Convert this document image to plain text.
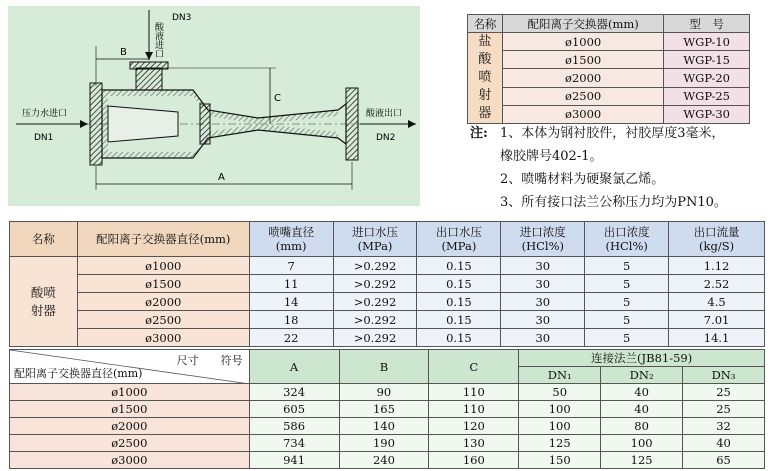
酸液进口
DN3
B
C
A
压力水进口
DN1
酸液出口
DN2
名称	配阳离子交换器(mm)	型　号

盐酸喷射器	ø1000	WGP-10
	ø1500	WGP-15
	ø2000	WGP-20
	ø2500	WGP-25
	ø3000	WGP-30
注: 1、本体为钢衬胶件，衬胶厚度3毫米，
橡胶牌号402-1。
2、喷嘴材料为硬聚氯乙烯。
3、所有接口法兰公称压力均为PN10。
名称	配阳离子交换器直径(mm)	喷嘴直径(mm)	进口水压(MPa)	出口水压(MPa)	进口浓度(HCl%)	出口浓度(HCl%)	出口流量(kg/S)

酸喷射器	ø1000	7	>0.292	0.15	30	5	1.12
	ø1500	11	>0.292	0.15	30	5	2.52
	ø2000	14	>0.292	0.15	30	5	4.5
	ø2500	18	>0.292	0.15	30	5	7.01
	ø3000	22	>0.292	0.15	30	5	14.1
尺寸　　符号
配阳离子交换器直径(mm)	A	B	C	连接法兰(JB81-59)		
				DN₁	DN₂	DN₃
ø1000	324	90	110	50	40	25
ø1500	605	165	110	100	40	25
ø2000	586	140	120	100	80	32
ø2500	734	190	130	125	100	40
ø3000	941	240	160	150	125	65
